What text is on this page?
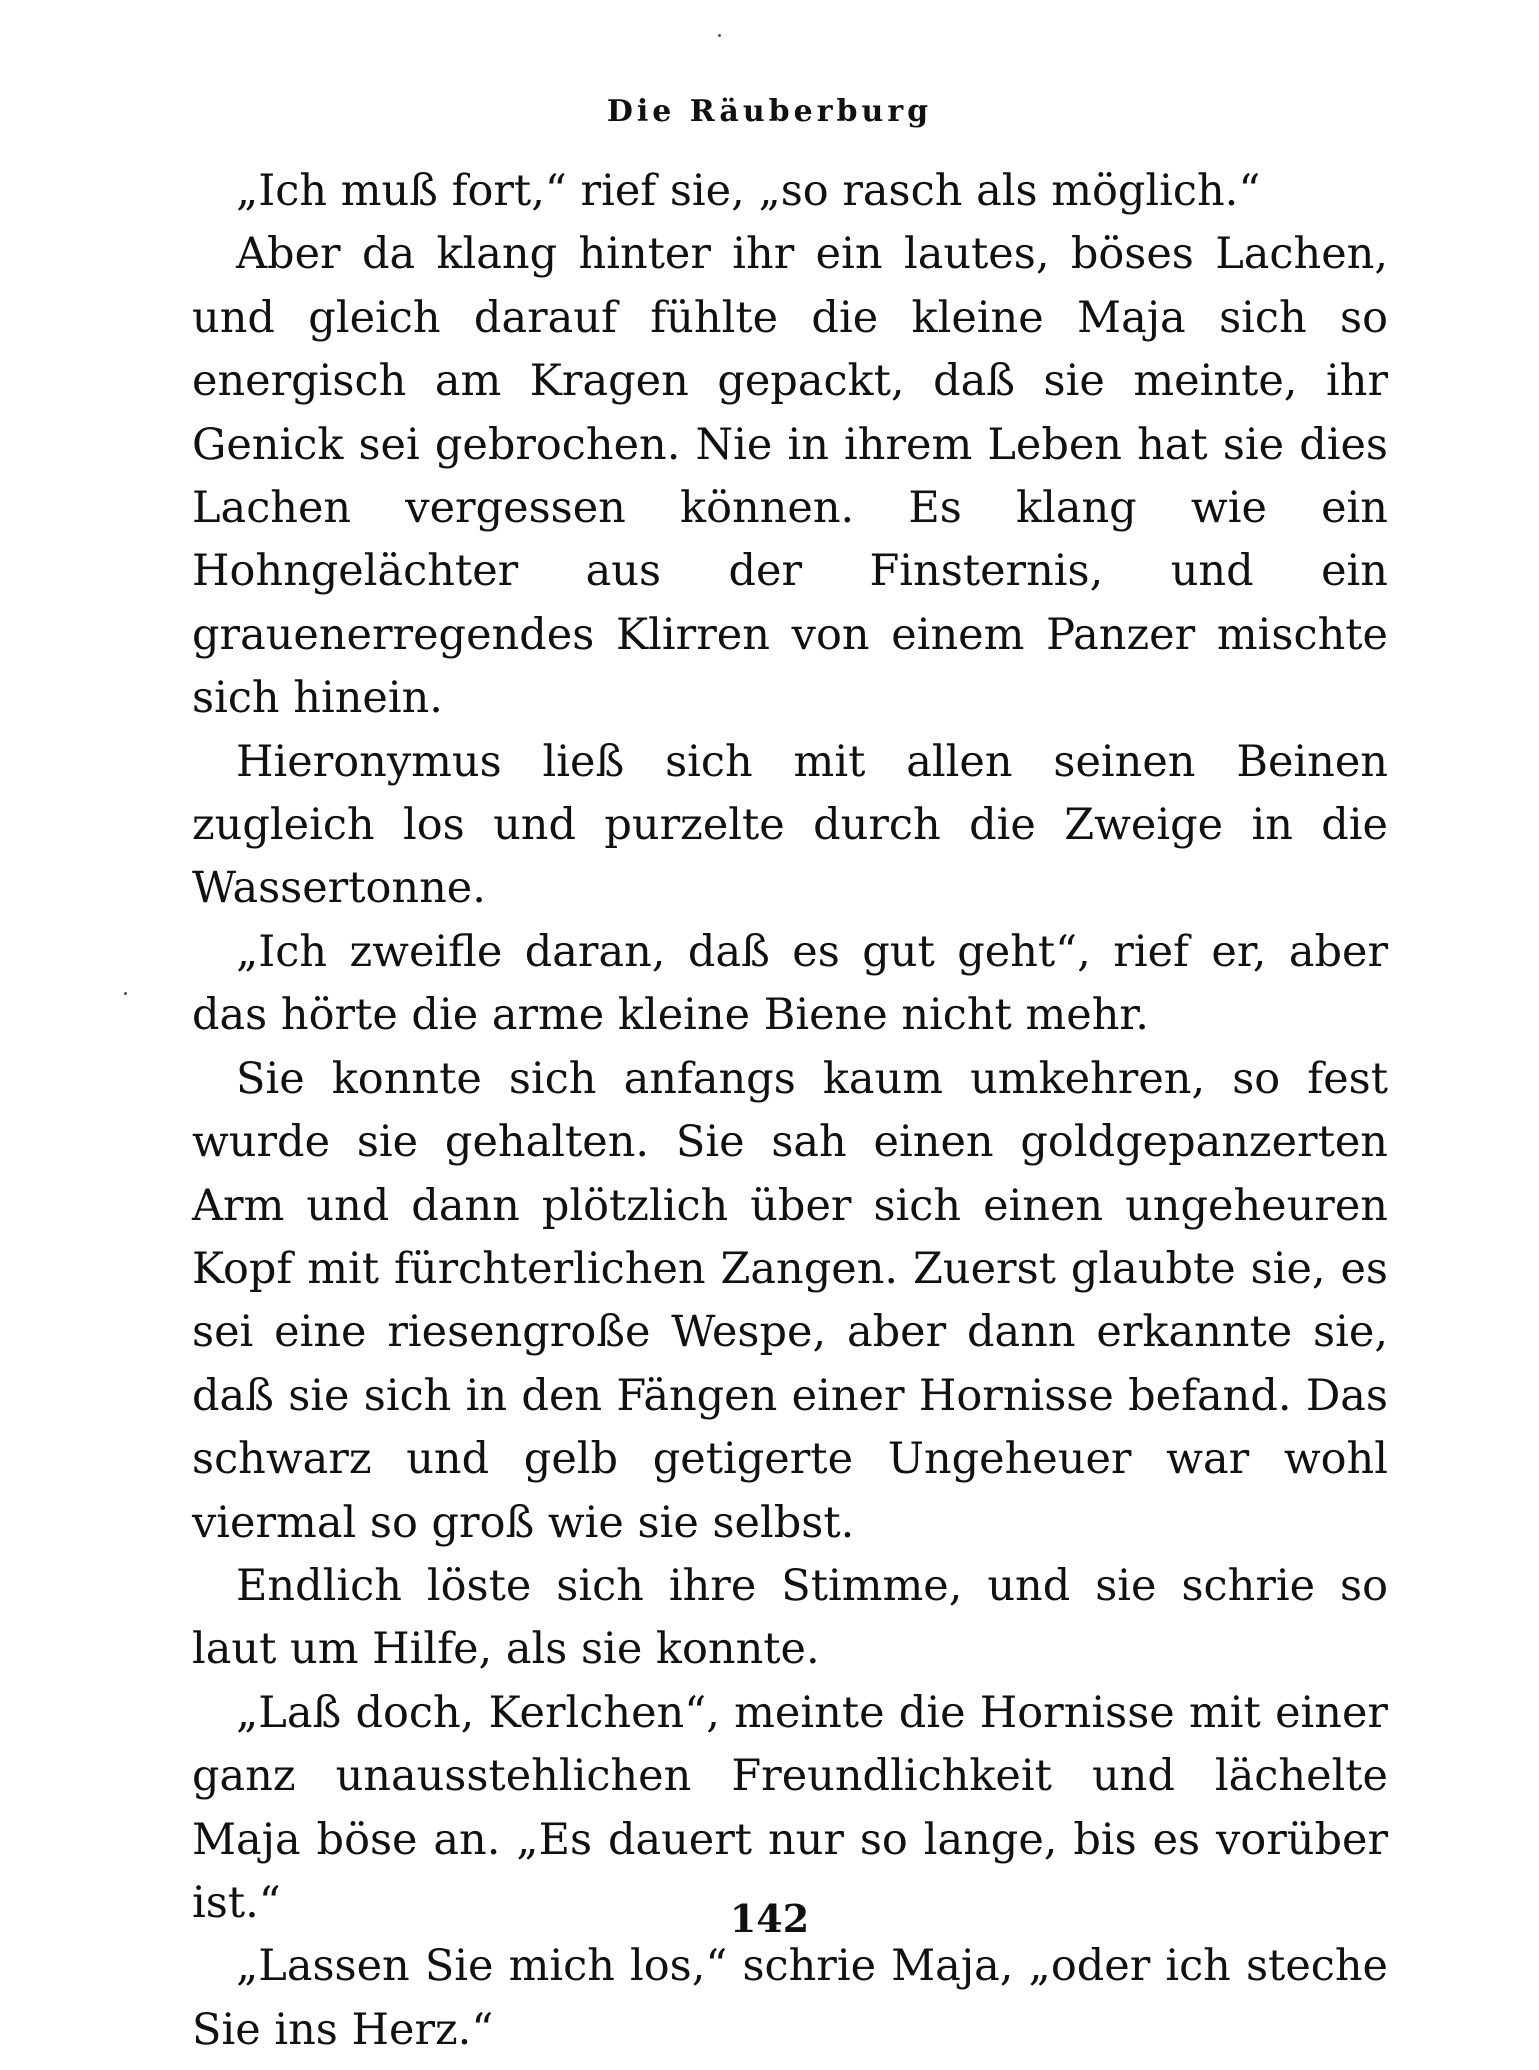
Die Räuberburg

„Ich muß fort,“ rief sie, „so rasch als möglich.“

Aber da klang hinter ihr ein lautes, böses Lachen, und gleich darauf fühlte die kleine Maja sich so energisch am Kragen gepackt, daß sie meinte, ihr Genick sei gebrochen. Nie in ihrem Leben hat sie dies Lachen vergessen können. Es klang wie ein Hohngelächter aus der Finsternis, und ein grauenerregendes Klirren von einem Panzer mischte sich hinein.

Hieronymus ließ sich mit allen seinen Beinen zugleich los und purzelte durch die Zweige in die Wassertonne.

„Ich zweifle daran, daß es gut geht“, rief er, aber das hörte die arme kleine Biene nicht mehr.

Sie konnte sich anfangs kaum umkehren, so fest wurde sie gehalten. Sie sah einen goldgepanzerten Arm und dann plötzlich über sich einen ungeheuren Kopf mit fürchterlichen Zangen. Zuerst glaubte sie, es sei eine riesengroße Wespe, aber dann erkannte sie, daß sie sich in den Fängen einer Hornisse befand. Das schwarz und gelb getigerte Ungeheuer war wohl viermal so groß wie sie selbst.

Endlich löste sich ihre Stimme, und sie schrie so laut um Hilfe, als sie konnte.

„Laß doch, Kerlchen“, meinte die Hornisse mit einer ganz unausstehlichen Freundlichkeit und lächelte Maja böse an. „Es dauert nur so lange, bis es vorüber ist.“

„Lassen Sie mich los,“ schrie Maja, „oder ich steche Sie ins Herz.“

142
